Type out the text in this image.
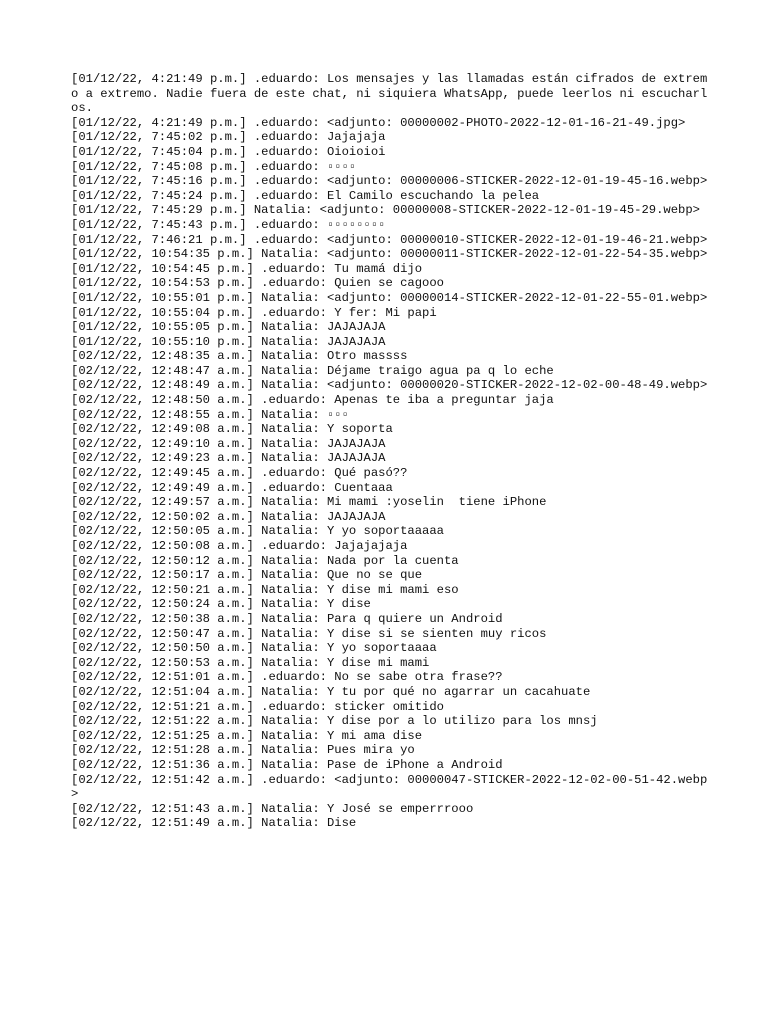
[01/12/22, 4:21:49 p.m.] .eduardo: Los mensajes y las llamadas están cifrados de extremo a extremo. Nadie fuera de este chat, ni siquiera WhatsApp, puede leerlos ni escucharlos.

[01/12/22, 4:21:49 p.m.] .eduardo: <adjunto: 00000002-PHOTO-2022-12-01-16-21-49.jpg>

[01/12/22, 7:45:02 p.m.] .eduardo: Jajajaja

[01/12/22, 7:45:04 p.m.] .eduardo: Oioioioi

[01/12/22, 7:45:08 p.m.] .eduardo: ▫▫▫▫

[01/12/22, 7:45:16 p.m.] .eduardo: <adjunto: 00000006-STICKER-2022-12-01-19-45-16.webp>

[01/12/22, 7:45:24 p.m.] .eduardo: El Camilo escuchando la pelea

[01/12/22, 7:45:29 p.m.] Natalia: <adjunto: 00000008-STICKER-2022-12-01-19-45-29.webp>

[01/12/22, 7:45:43 p.m.] .eduardo: ▫▫▫▫▫▫▫▫

[01/12/22, 7:46:21 p.m.] .eduardo: <adjunto: 00000010-STICKER-2022-12-01-19-46-21.webp>

[01/12/22, 10:54:35 p.m.] Natalia: <adjunto: 00000011-STICKER-2022-12-01-22-54-35.webp>

[01/12/22, 10:54:45 p.m.] .eduardo: Tu mamá dijo

[01/12/22, 10:54:53 p.m.] .eduardo: Quien se cagooo

[01/12/22, 10:55:01 p.m.] Natalia: <adjunto: 00000014-STICKER-2022-12-01-22-55-01.webp>

[01/12/22, 10:55:04 p.m.] .eduardo: Y fer: Mi papi

[01/12/22, 10:55:05 p.m.] Natalia: JAJAJAJA

[01/12/22, 10:55:10 p.m.] Natalia: JAJAJAJA

[02/12/22, 12:48:35 a.m.] Natalia: Otro massss

[02/12/22, 12:48:47 a.m.] Natalia: Déjame traigo agua pa q lo eche

[02/12/22, 12:48:49 a.m.] Natalia: <adjunto: 00000020-STICKER-2022-12-02-00-48-49.webp>

[02/12/22, 12:48:50 a.m.] .eduardo: Apenas te iba a preguntar jaja

[02/12/22, 12:48:55 a.m.] Natalia: ▫▫▫

[02/12/22, 12:49:08 a.m.] Natalia: Y soporta

[02/12/22, 12:49:10 a.m.] Natalia: JAJAJAJA

[02/12/22, 12:49:23 a.m.] Natalia: JAJAJAJA

[02/12/22, 12:49:45 a.m.] .eduardo: Qué pasó??

[02/12/22, 12:49:49 a.m.] .eduardo: Cuentaaa

[02/12/22, 12:49:57 a.m.] Natalia: Mi mami :yoselin  tiene iPhone

[02/12/22, 12:50:02 a.m.] Natalia: JAJAJAJA

[02/12/22, 12:50:05 a.m.] Natalia: Y yo soportaaaaa

[02/12/22, 12:50:08 a.m.] .eduardo: Jajajajaja

[02/12/22, 12:50:12 a.m.] Natalia: Nada por la cuenta

[02/12/22, 12:50:17 a.m.] Natalia: Que no se que

[02/12/22, 12:50:21 a.m.] Natalia: Y dise mi mami eso

[02/12/22, 12:50:24 a.m.] Natalia: Y dise

[02/12/22, 12:50:38 a.m.] Natalia: Para q quiere un Android

[02/12/22, 12:50:47 a.m.] Natalia: Y dise si se sienten muy ricos

[02/12/22, 12:50:50 a.m.] Natalia: Y yo soportaaaa

[02/12/22, 12:50:53 a.m.] Natalia: Y dise mi mami

[02/12/22, 12:51:01 a.m.] .eduardo: No se sabe otra frase??

[02/12/22, 12:51:04 a.m.] Natalia: Y tu por qué no agarrar un cacahuate

[02/12/22, 12:51:21 a.m.] .eduardo: sticker omitido

[02/12/22, 12:51:22 a.m.] Natalia: Y dise por a lo utilizo para los mnsj

[02/12/22, 12:51:25 a.m.] Natalia: Y mi ama dise

[02/12/22, 12:51:28 a.m.] Natalia: Pues mira yo

[02/12/22, 12:51:36 a.m.] Natalia: Pase de iPhone a Android

[02/12/22, 12:51:42 a.m.] .eduardo: <adjunto: 00000047-STICKER-2022-12-02-00-51-42.webp>

[02/12/22, 12:51:43 a.m.] Natalia: Y José se emperrrooo

[02/12/22, 12:51:49 a.m.] Natalia: Dise
